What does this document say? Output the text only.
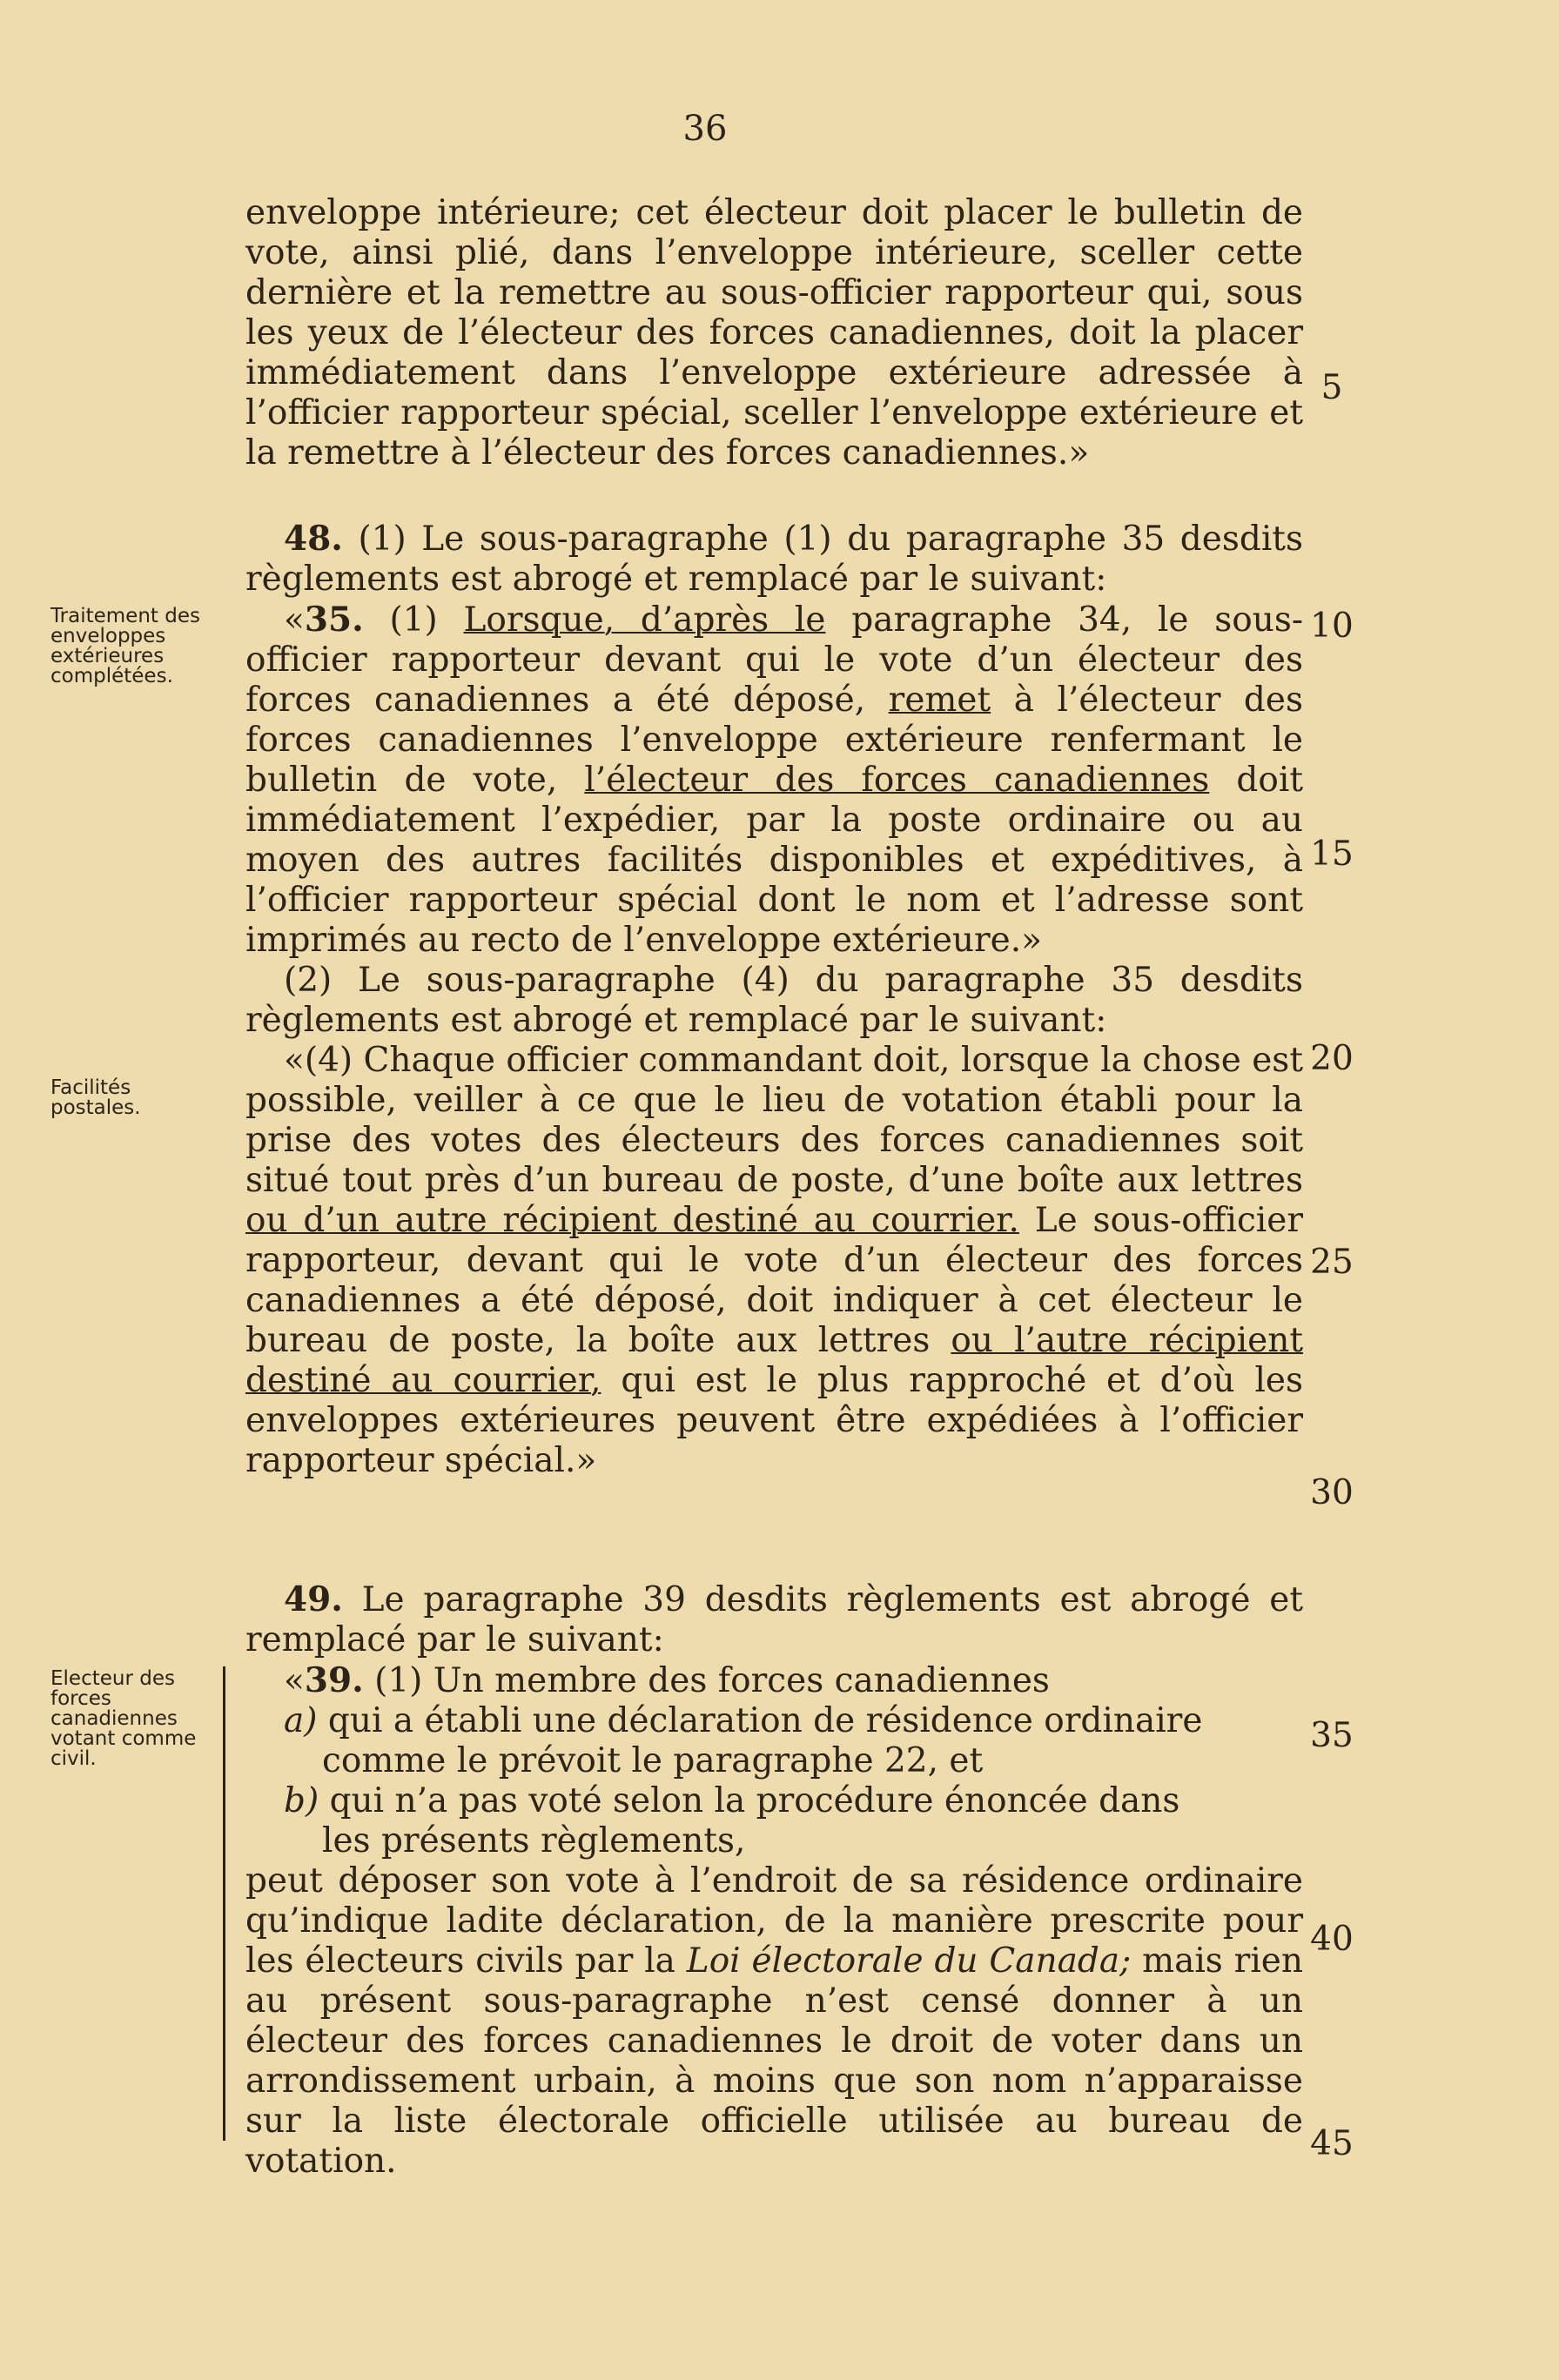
36
Traitement des enveloppes extérieures complétées.
Facilités postales.
Electeur des forces canadiennes votant comme civil.
5
10
15
20
25
30
35
40
45

enveloppe intérieure; cet électeur doit placer le bulletin de vote, ainsi plié, dans l’enveloppe intérieure, sceller cette dernière et la remettre au sous-officier rapporteur qui, sous les yeux de l’électeur des forces canadiennes, doit la placer immédiatement dans l’enveloppe extérieure adressée à l’officier rapporteur spécial, sceller l’enveloppe extérieure et la remettre à l’électeur des forces canadiennes.»

48. (1) Le sous-paragraphe (1) du paragraphe 35 desdits règlements est abrogé et remplacé par le suivant:

«35. (1) Lorsque, d’après le paragraphe 34, le sous-officier rapporteur devant qui le vote d’un électeur des forces canadiennes a été déposé, remet à l’électeur des forces canadiennes l’enveloppe extérieure renfermant le bulletin de vote, l’électeur des forces canadiennes doit immédiatement l’expédier, par la poste ordinaire ou au moyen des autres facilités disponibles et expéditives, à l’officier rapporteur spécial dont le nom et l’adresse sont imprimés au recto de l’enveloppe extérieure.»

(2) Le sous-paragraphe (4) du paragraphe 35 desdits règlements est abrogé et remplacé par le suivant:

«(4) Chaque officier commandant doit, lorsque la chose est possible, veiller à ce que le lieu de votation établi pour la prise des votes des électeurs des forces canadiennes soit situé tout près d’un bureau de poste, d’une boîte aux lettres ou d’un autre récipient destiné au courrier. Le sous-officier rapporteur, devant qui le vote d’un électeur des forces canadiennes a été déposé, doit indiquer à cet électeur le bureau de poste, la boîte aux lettres ou l’autre récipient destiné au courrier, qui est le plus rapproché et d’où les enveloppes extérieures peuvent être expédiées à l’officier rapporteur spécial.»

49. Le paragraphe 39 desdits règlements est abrogé et remplacé par le suivant:

«39. (1) Un membre des forces canadiennes

a) qui a établi une déclaration de résidence ordinaire

comme le prévoit le paragraphe 22, et

b) qui n’a pas voté selon la procédure énoncée dans

les présents règlements,

peut déposer son vote à l’endroit de sa résidence ordinaire qu’indique ladite déclaration, de la manière prescrite pour les électeurs civils par la Loi électorale du Canada; mais rien au présent sous-paragraphe n’est censé donner à un électeur des forces canadiennes le droit de voter dans un arrondissement urbain, à moins que son nom n’apparaisse sur la liste électorale officielle utilisée au bureau de votation.
